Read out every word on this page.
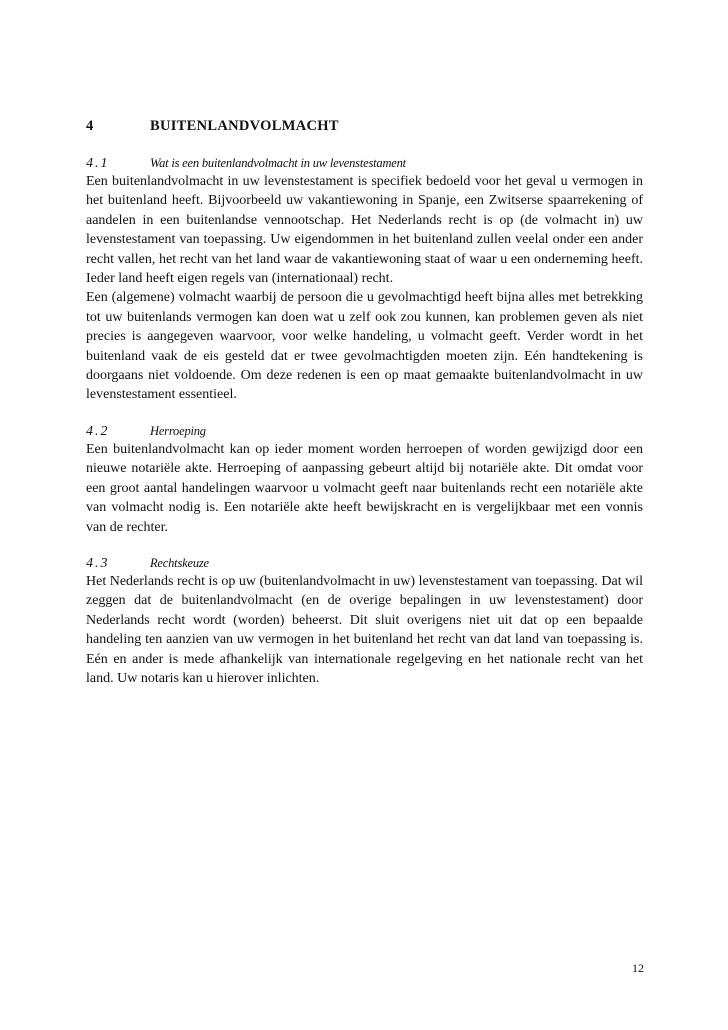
4	BUITENLANDVOLMACHT
4.1	Wat is een buitenlandvolmacht in uw levenstestament

Een buitenlandvolmacht in uw levenstestament is specifiek bedoeld voor het geval u vermogen in het buitenland heeft. Bijvoorbeeld uw vakantiewoning in Spanje, een Zwitserse spaarrekening of aandelen in een buitenlandse vennootschap. Het Nederlands recht is op (de volmacht in) uw levenstestament van toepassing. Uw eigendommen in het buitenland zullen veelal onder een ander recht vallen, het recht van het land waar de vakantiewoning staat of waar u een onderneming heeft. Ieder land heeft eigen regels van (internationaal) recht.

Een (algemene) volmacht waarbij de persoon die u gevolmachtigd heeft bijna alles met betrekking tot uw buitenlands vermogen kan doen wat u zelf ook zou kunnen, kan problemen geven als niet precies is aangegeven waarvoor, voor welke handeling, u volmacht geeft. Verder wordt in het buitenland vaak de eis gesteld dat er twee gevolmachtigden moeten zijn. Eén handtekening is doorgaans niet voldoende. Om deze redenen is een op maat gemaakte buitenlandvolmacht in uw levenstestament essentieel.

4.2	Herroeping

Een buitenlandvolmacht kan op ieder moment worden herroepen of worden gewijzigd door een nieuwe notariële akte. Herroeping of aanpassing gebeurt altijd bij notariële akte. Dit omdat voor een groot aantal handelingen waarvoor u volmacht geeft naar buitenlands recht een notariële akte van volmacht nodig is. Een notariële akte heeft bewijskracht en is vergelijkbaar met een vonnis van de rechter.

4.3	Rechtskeuze

Het Nederlands recht is op uw (buitenlandvolmacht in uw) levenstestament van toepassing. Dat wil zeggen dat de buitenlandvolmacht (en de overige bepalingen in uw levenstestament) door Nederlands recht wordt (worden) beheerst. Dit sluit overigens niet uit dat op een bepaalde handeling ten aanzien van uw vermogen in het buitenland het recht van dat land van toepassing is. Eén en ander is mede afhankelijk van internationale regelgeving en het nationale recht van het land. Uw notaris kan u hierover inlichten.

12
